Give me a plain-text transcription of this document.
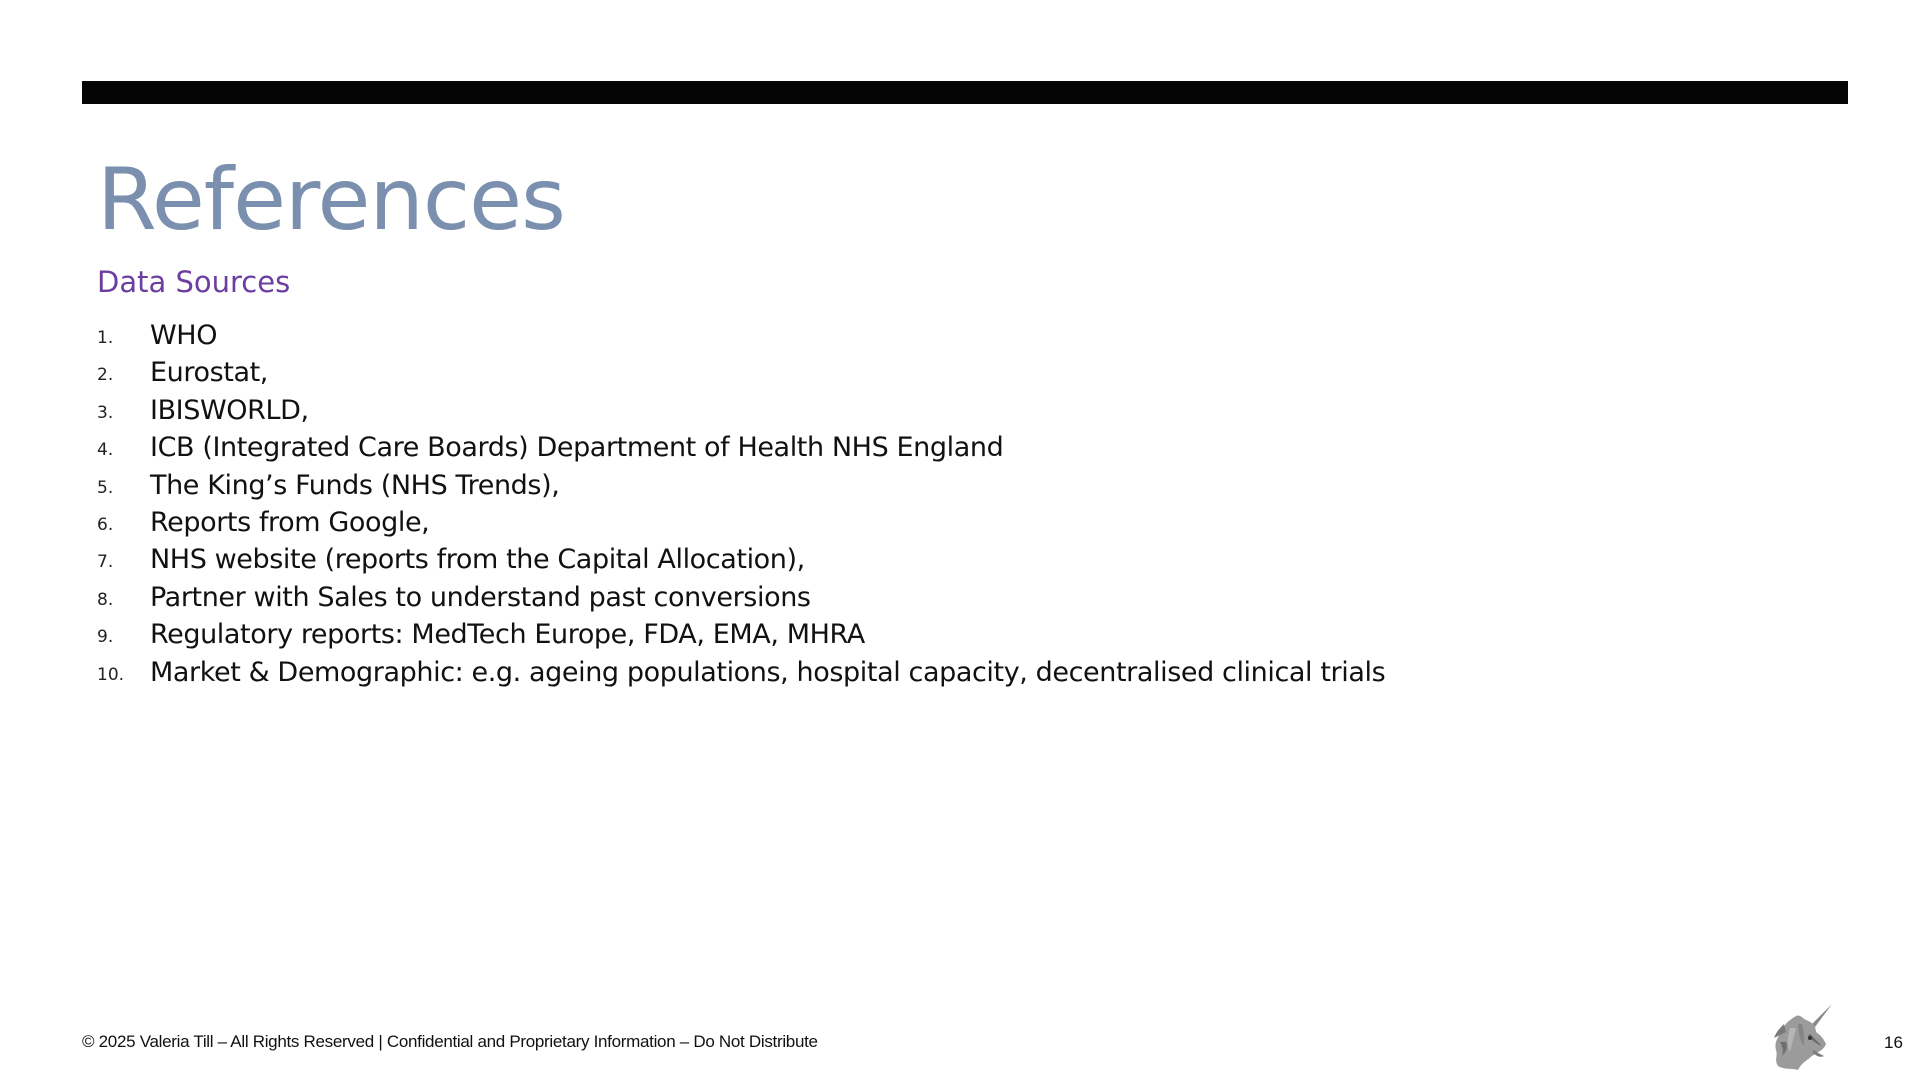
References
Data Sources
1. WHO
2. Eurostat,
3. IBISWORLD,
4. ICB (Integrated Care Boards) Department of Health NHS England
5. The King’s Funds (NHS Trends),
6. Reports from Google,
7. NHS website (reports from the Capital Allocation),
8. Partner with Sales to understand past conversions
9. Regulatory reports: MedTech Europe, FDA, EMA, MHRA
10. Market & Demographic: e.g. ageing populations, hospital capacity, decentralised clinical trials
© 2025 Valeria Till – All Rights Reserved | Confidential and Proprietary Information – Do Not Distribute	16
